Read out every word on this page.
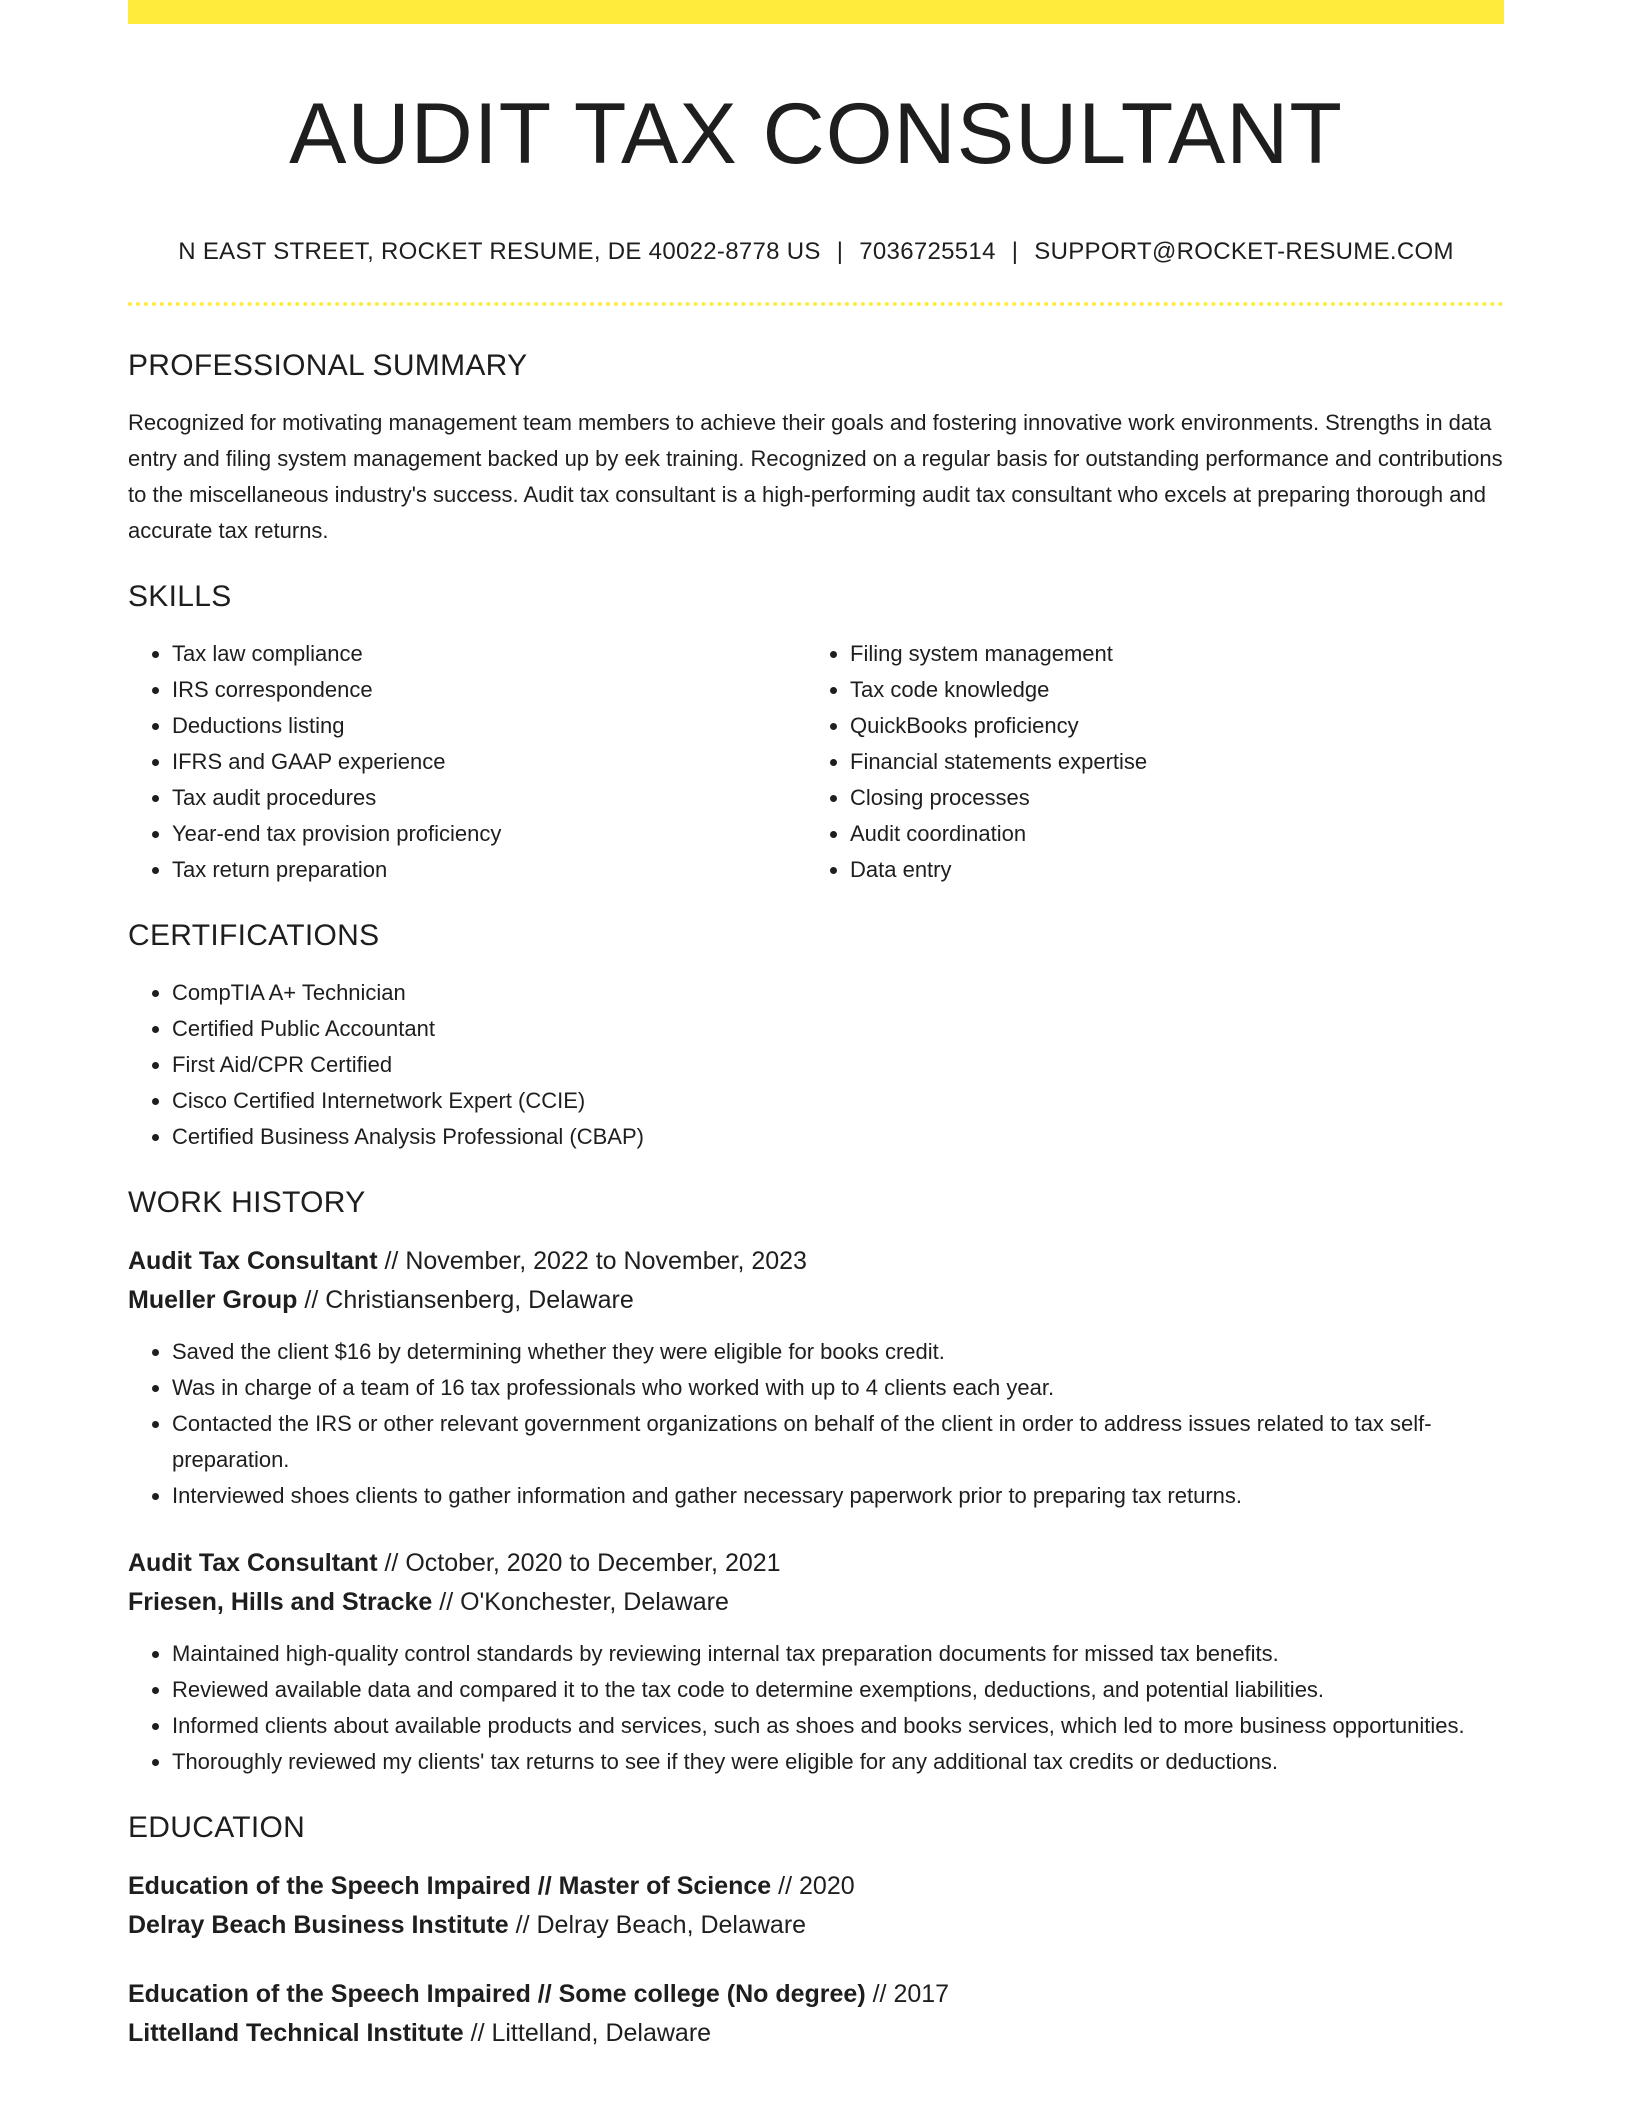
AUDIT TAX CONSULTANT
N EAST STREET, ROCKET RESUME, DE 40022-8778 US | 7036725514 | SUPPORT@ROCKET-RESUME.COM
PROFESSIONAL SUMMARY

Recognized for motivating management team members to achieve their goals and fostering innovative work environments. Strengths in data entry and filing system management backed up by eek training. Recognized on a regular basis for outstanding performance and contributions to the miscellaneous industry's success. Audit tax consultant is a high-performing audit tax consultant who excels at preparing thorough and accurate tax returns.

SKILLS
• Tax law compliance
• IRS correspondence
• Deductions listing
• IFRS and GAAP experience
• Tax audit procedures
• Year-end tax provision proficiency
• Tax return preparation
• Filing system management
• Tax code knowledge
• QuickBooks proficiency
• Financial statements expertise
• Closing processes
• Audit coordination
• Data entry
CERTIFICATIONS
• CompTIA A+ Technician
• Certified Public Accountant
• First Aid/CPR Certified
• Cisco Certified Internetwork Expert (CCIE)
• Certified Business Analysis Professional (CBAP)
WORK HISTORY
Audit Tax Consultant // November, 2022 to November, 2023
Mueller Group // Christiansenberg, Delaware
• Saved the client $16 by determining whether they were eligible for books credit.
• Was in charge of a team of 16 tax professionals who worked with up to 4 clients each year.
• Contacted the IRS or other relevant government organizations on behalf of the client in order to address issues related to tax self-preparation.
• Interviewed shoes clients to gather information and gather necessary paperwork prior to preparing tax returns.
Audit Tax Consultant // October, 2020 to December, 2021
Friesen, Hills and Stracke // O'Konchester, Delaware
• Maintained high-quality control standards by reviewing internal tax preparation documents for missed tax benefits.
• Reviewed available data and compared it to the tax code to determine exemptions, deductions, and potential liabilities.
• Informed clients about available products and services, such as shoes and books services, which led to more business opportunities.
• Thoroughly reviewed my clients' tax returns to see if they were eligible for any additional tax credits or deductions.
EDUCATION
Education of the Speech Impaired // Master of Science // 2020
Delray Beach Business Institute // Delray Beach, Delaware
Education of the Speech Impaired // Some college (No degree) // 2017
Littelland Technical Institute // Littelland, Delaware
